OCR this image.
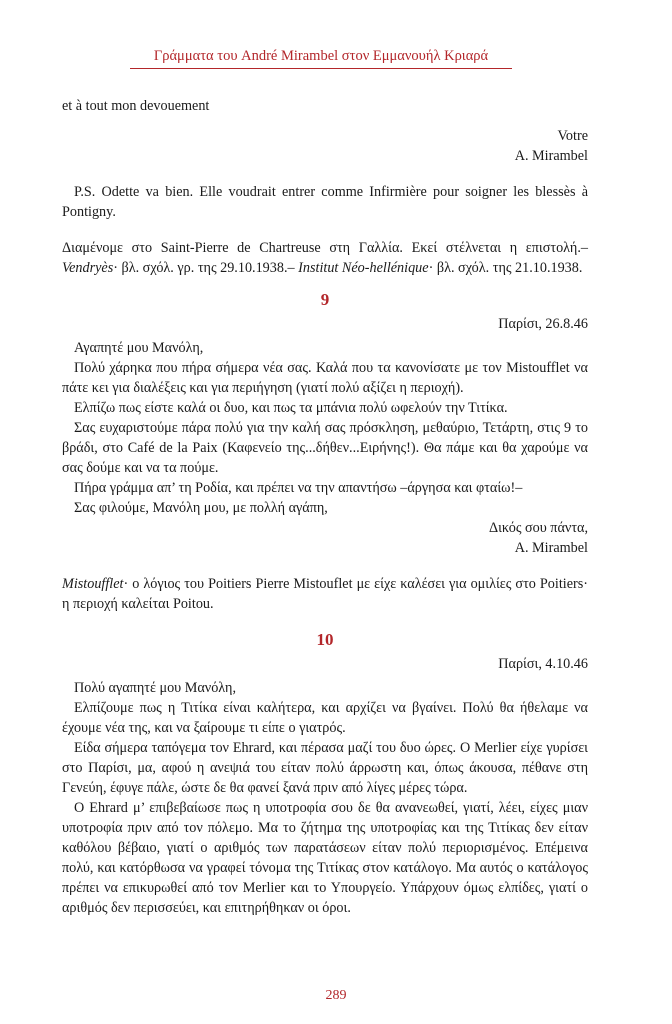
Γράμματα του André Mirambel στον Εμμανουήλ Κριαρά

et à tout mon devouement

Votre

A. Mirambel

P.S. Odette va bien. Elle voudrait entrer comme Infirmière pour soigner les blessès à Pontigny.

Διαμένομε στο Saint-Pierre de Chartreuse στη Γαλλία. Εκεί στέλνεται η επιστολή.– Vendryès· βλ. σχόλ. γρ. της 29.10.1938.– Institut Néo-hellénique· βλ. σχόλ. της 21.10.1938.

9

Παρίσι, 26.8.46

Αγαπητέ μου Μανόλη,

Πολύ χάρηκα που πήρα σήμερα νέα σας. Καλά που τα κανονίσατε με τον Mistoufflet να πάτε κει για διαλέξεις και για περιήγηση (γιατί πολύ αξίζει η περιοχή).

Ελπίζω πως είστε καλά οι δυο, και πως τα μπάνια πολύ ωφελούν την Τιτίκα.

Σας ευχαριστούμε πάρα πολύ για την καλή σας πρόσκληση, μεθαύριο, Τετάρτη, στις 9 το βράδι, στο Café de la Paix (Καφενείο της...δήθεν...Ειρήνης!). Θα πάμε και θα χαρούμε να σας δούμε και να τα πούμε.

Πήρα γράμμα απ’ τη Ροδία, και πρέπει να την απαντήσω –άργησα και φταίω!–

Σας φιλούμε, Μανόλη μου, με πολλή αγάπη,

Δικός σου πάντα,

A. Mirambel

Mistoufflet· ο λόγιος του Poitiers Pierre Mistouflet με είχε καλέσει για ομιλίες στο Poitiers· η περιοχή καλείται Poitou.

10

Παρίσι, 4.10.46

Πολύ αγαπητέ μου Μανόλη,

Ελπίζουμε πως η Τιτίκα είναι καλήτερα, και αρχίζει να βγαίνει. Πολύ θα ήθελαμε να έχουμε νέα της, και να ξαίρουμε τι είπε ο γιατρός.

Είδα σήμερα ταπόγεμα τον Ehrard, και πέρασα μαζί του δυο ώρες. Ο Merlier είχε γυρίσει στο Παρίσι, μα, αφού η ανεψιά του είταν πολύ άρρωστη και, όπως άκουσα, πέθανε στη Γενεύη, έφυγε πάλε, ώστε δε θα φανεί ξανά πριν από λίγες μέρες τώρα.

Ο Ehrard μ’ επιβεβαίωσε πως η υποτροφία σου δε θα ανανεωθεί, γιατί, λέει, είχες μιαν υποτροφία πριν από τον πόλεμο. Μα το ζήτημα της υποτροφίας και της Τιτίκας δεν είταν καθόλου βέβαιο, γιατί ο αριθμός των παρατάσεων είταν πολύ περιορισμένος. Επέμεινα πολύ, και κατόρθωσα να γραφεί τόνομα της Τιτίκας στον κατάλογο. Μα αυτός ο κατάλογος πρέπει να επικυρωθεί από τον Merlier και το Υπουργείο. Υπάρχουν όμως ελπίδες, γιατί ο αριθμός δεν περισσεύει, και επιτηρήθηκαν οι όροι.

289
